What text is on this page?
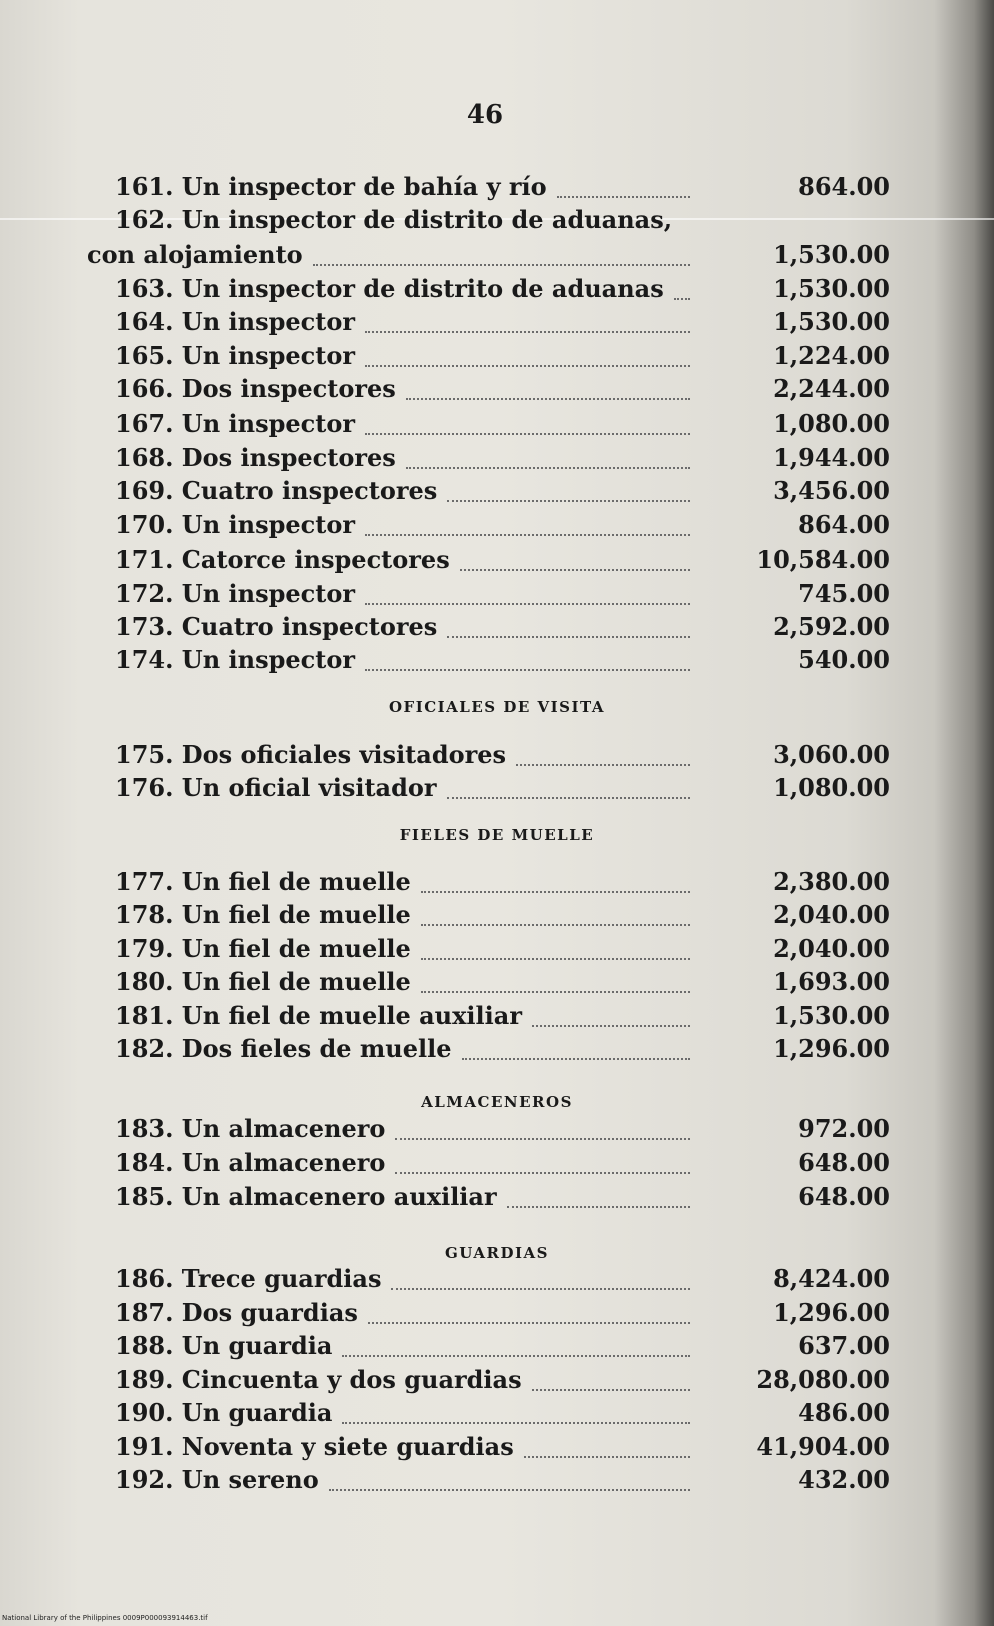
46
OFICIALES DE VISITA
FIELES DE MUELLE
ALMACENEROS
GUARDIAS
161. Un inspector de bahía y río	864.00
162. Un inspector de distrito de aduanas,
con alojamiento	1,530.00
163. Un inspector de distrito de aduanas	1,530.00
164. Un inspector	1,530.00
165. Un inspector	1,224.00
166. Dos inspectores	2,244.00
167. Un inspector	1,080.00
168. Dos inspectores	1,944.00
169. Cuatro inspectores	3,456.00
170. Un inspector	864.00
171. Catorce inspectores	10,584.00
172. Un inspector	745.00
173. Cuatro inspectores	2,592.00
174. Un inspector	540.00
175. Dos oficiales visitadores	3,060.00
176. Un oficial visitador	1,080.00
177. Un fiel de muelle	2,380.00
178. Un fiel de muelle	2,040.00
179. Un fiel de muelle	2,040.00
180. Un fiel de muelle	1,693.00
181. Un fiel de muelle auxiliar	1,530.00
182. Dos fieles de muelle	1,296.00
183. Un almacenero	972.00
184. Un almacenero	648.00
185. Un almacenero auxiliar	648.00
186. Trece guardias	8,424.00
187. Dos guardias	1,296.00
188. Un guardia	637.00
189. Cincuenta y dos guardias	28,080.00
190. Un guardia	486.00
191. Noventa y siete guardias	41,904.00
192. Un sereno	432.00
National Library of the Philippines 0009P000093914463.tif
